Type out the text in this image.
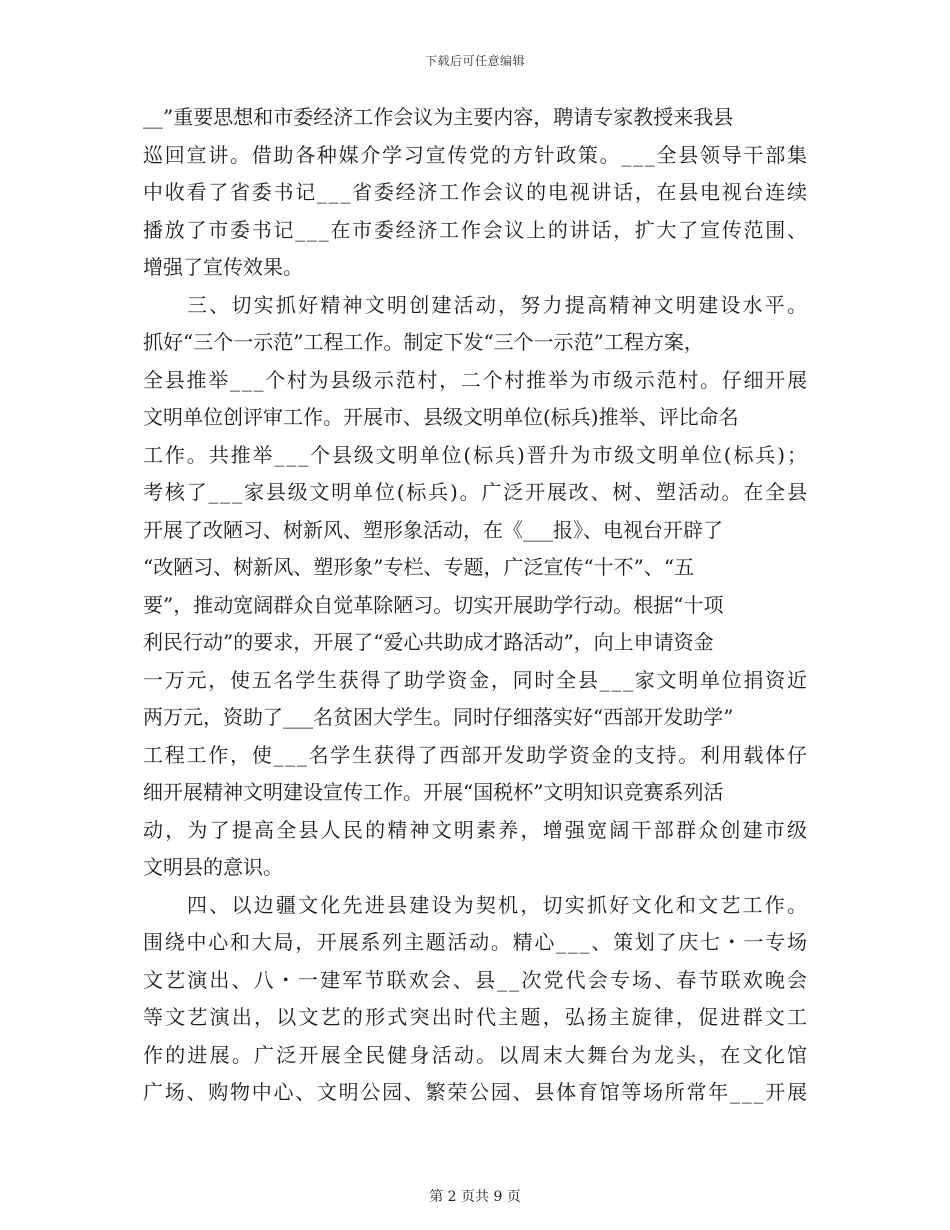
下载后可任意编辑
__”重要思想和市委经济工作会议为主要内容，聘请专家教授来我县
巡回宣讲。借助各种媒介学习宣传党的方针政策。___全县领导干部集
中收看了省委书记___省委经济工作会议的电视讲话，在县电视台连续
播放了市委书记___在市委经济工作会议上的讲话，扩大了宣传范围、
增强了宣传效果。
三、切实抓好精神文明创建活动，努力提高精神文明建设水平。
抓好“三个一示范”工程工作。制定下发“三个一示范”工程方案，
全县推举___个村为县级示范村，二个村推举为市级示范村。仔细开展
文明单位创评审工作。开展市、县级文明单位(标兵)推举、评比命名
工作。共推举___个县级文明单位(标兵)晋升为市级文明单位(标兵)；
考核了___家县级文明单位(标兵)。广泛开展改、树、塑活动。在全县
开展了改陋习、树新风、塑形象活动，在《___报》、电视台开辟了
“改陋习、树新风、塑形象”专栏、专题，广泛宣传“十不”、“五
要”，推动宽阔群众自觉革除陋习。切实开展助学行动。根据“十项
利民行动”的要求，开展了“爱心共助成才路活动”，向上申请资金
一万元，使五名学生获得了助学资金，同时全县___家文明单位捐资近
两万元，资助了___名贫困大学生。同时仔细落实好“西部开发助学”
工程工作，使___名学生获得了西部开发助学资金的支持。利用载体仔
细开展精神文明建设宣传工作。开展“国税杯”文明知识竞赛系列活
动，为了提高全县人民的精神文明素养，增强宽阔干部群众创建市级
文明县的意识。
四、以边疆文化先进县建设为契机，切实抓好文化和文艺工作。
围绕中心和大局，开展系列主题活动。精心___、策划了庆七・一专场
文艺演出、八・一建军节联欢会、县__次党代会专场、春节联欢晚会
等文艺演出，以文艺的形式突出时代主题，弘扬主旋律，促进群文工
作的进展。广泛开展全民健身活动。以周末大舞台为龙头，在文化馆
广场、购物中心、文明公园、繁荣公园、县体育馆等场所常年___开展
第 2 页共 9 页
